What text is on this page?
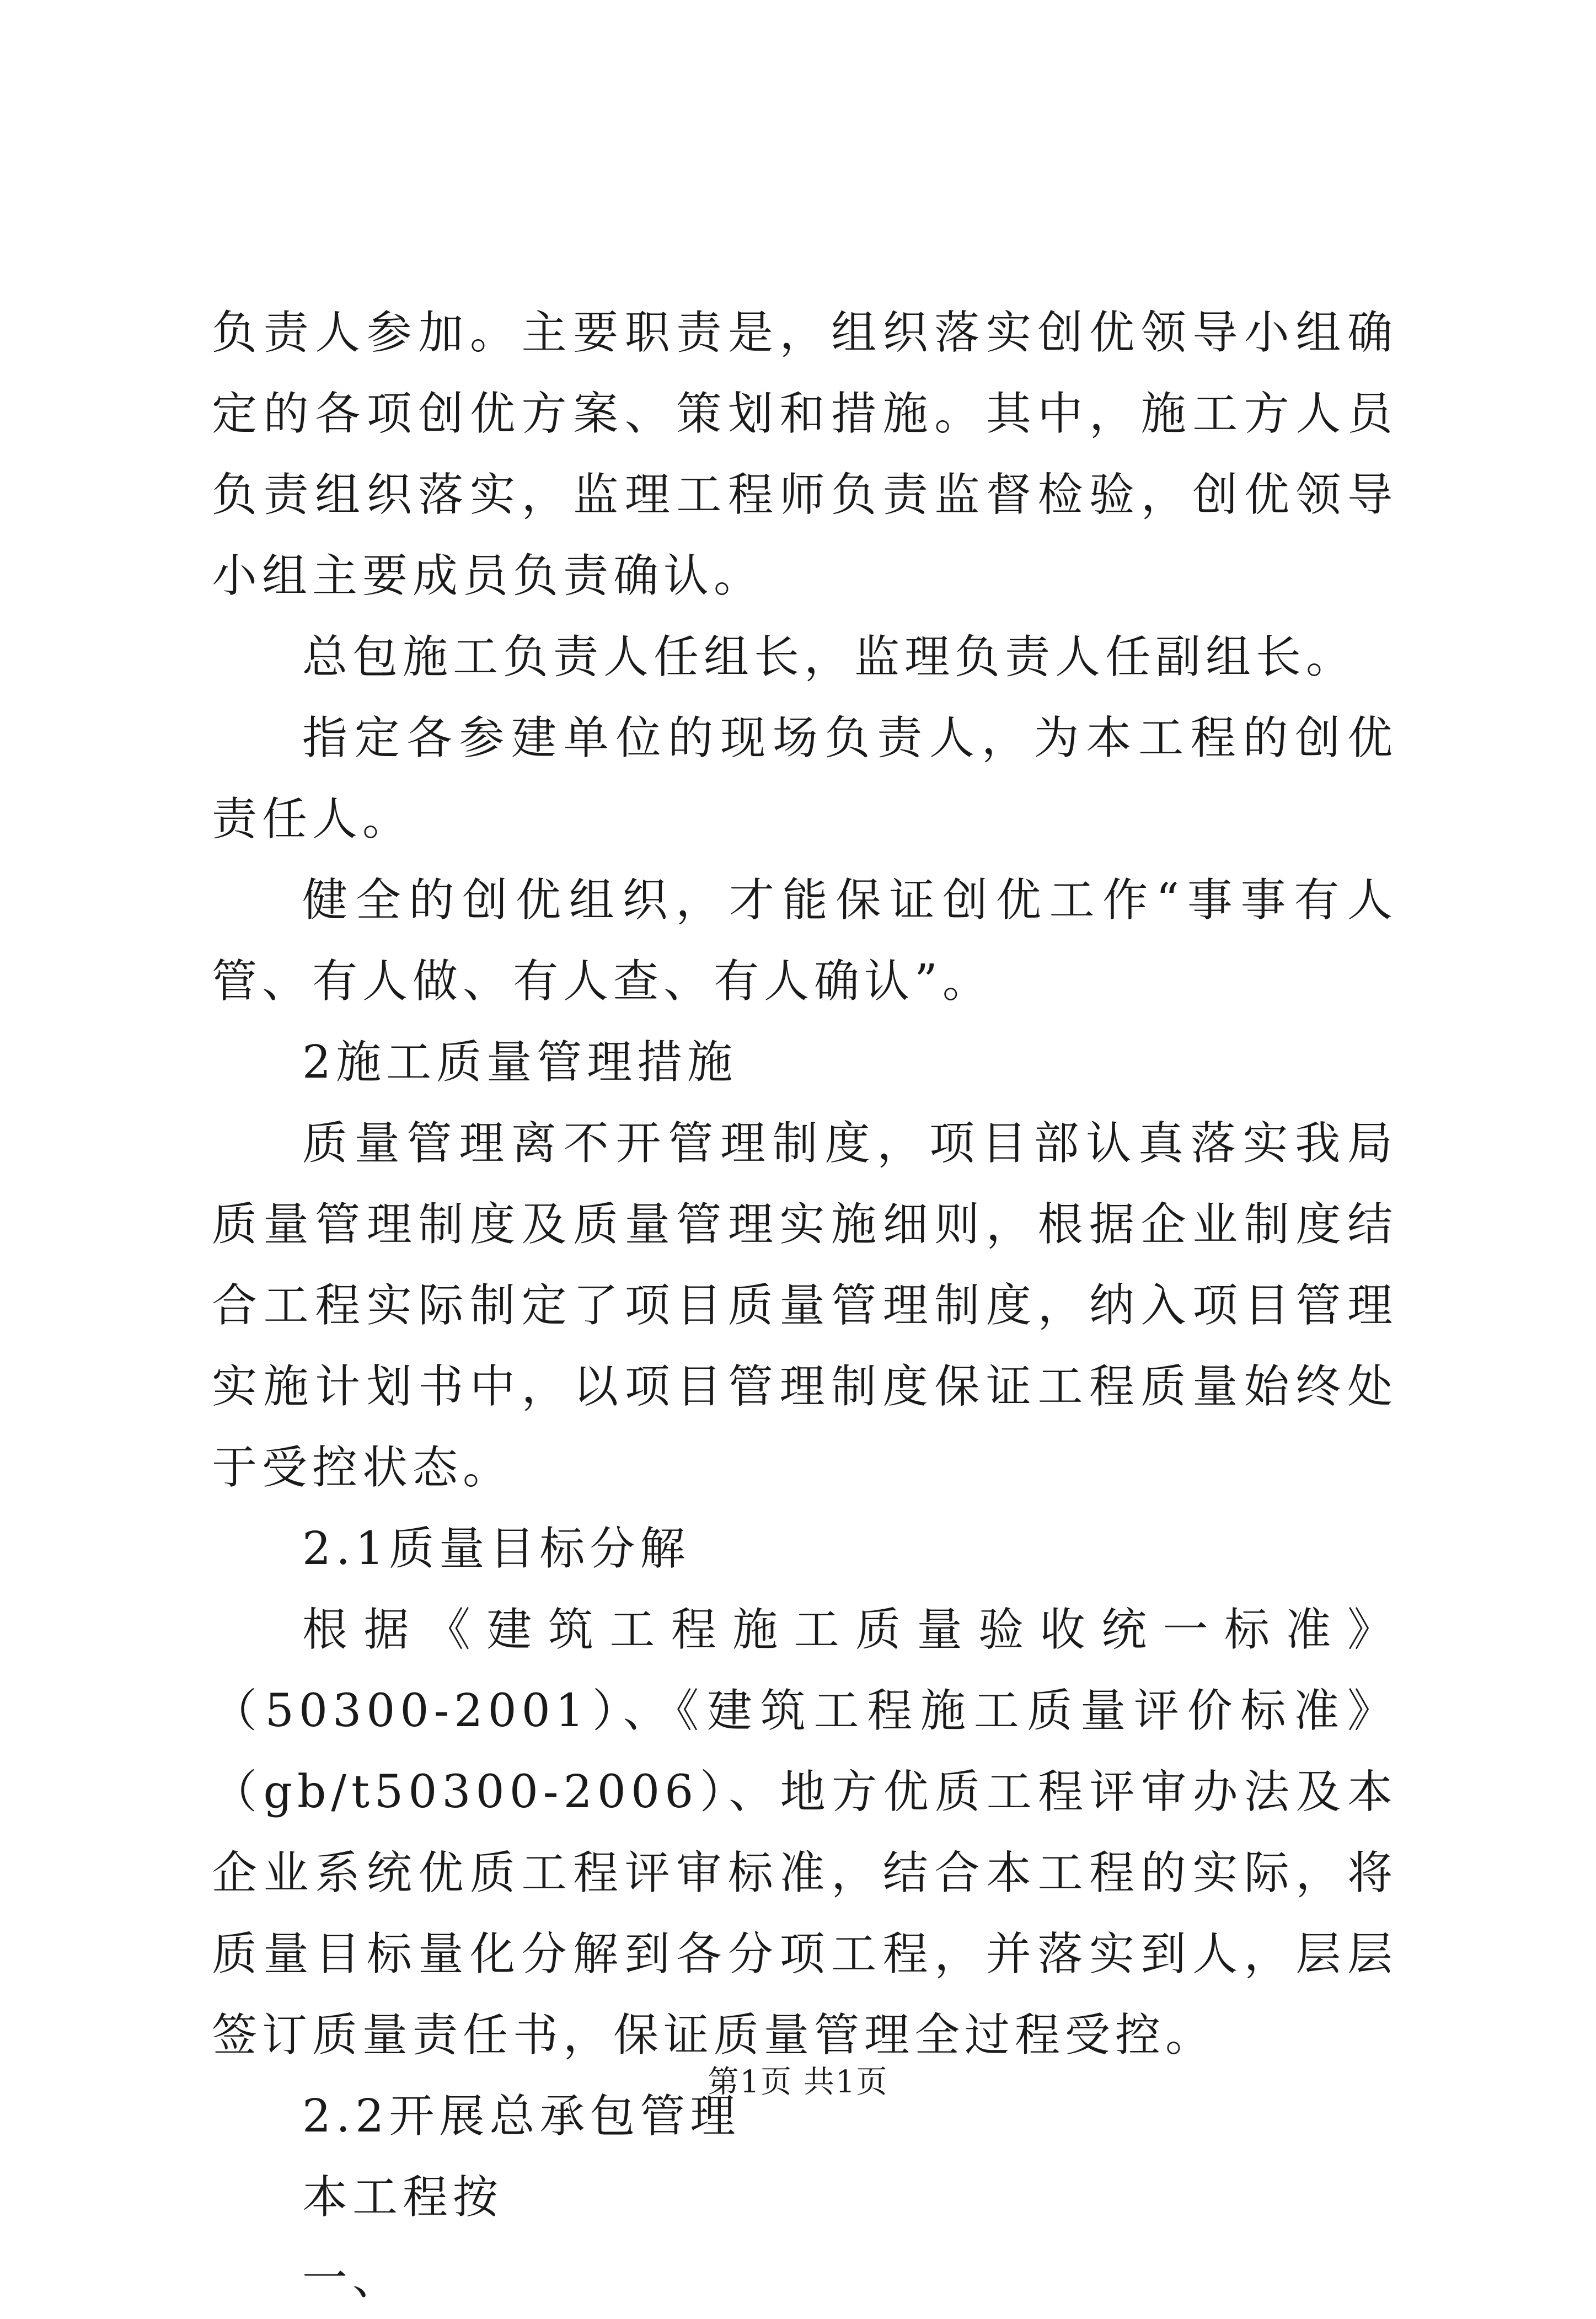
负责人参加。主要职责是，组织落实创优领导小组确定的各项创优方案、策划和措施。其中，施工方人员负责组织落实，监理工程师负责监督检验，创优领导小组主要成员负责确认。

总包施工负责人任组长，监理负责人任副组长。

指定各参建单位的现场负责人，为本工程的创优责任人。

健全的创优组织，才能保证创优工作“事事有人管、有人做、有人查、有人确认”。

2施工质量管理措施

质量管理离不开管理制度，项目部认真落实我局质量管理制度及质量管理实施细则，根据企业制度结合工程实际制定了项目质量管理制度，纳入项目管理实施计划书中，以项目管理制度保证工程质量始终处于受控状态。

2.1质量目标分解

根据《建筑工程施工质量验收统一标准》（50300-2001）、《建筑工程施工质量评价标准》（gb/t50300-2006）、地方优质工程评审办法及本企业系统优质工程评审标准，结合本工程的实际，将质量目标量化分解到各分项工程，并落实到人，层层签订质量责任书，保证质量管理全过程受控。

2.2开展总承包管理

本工程按

一、

第1页 共1页
